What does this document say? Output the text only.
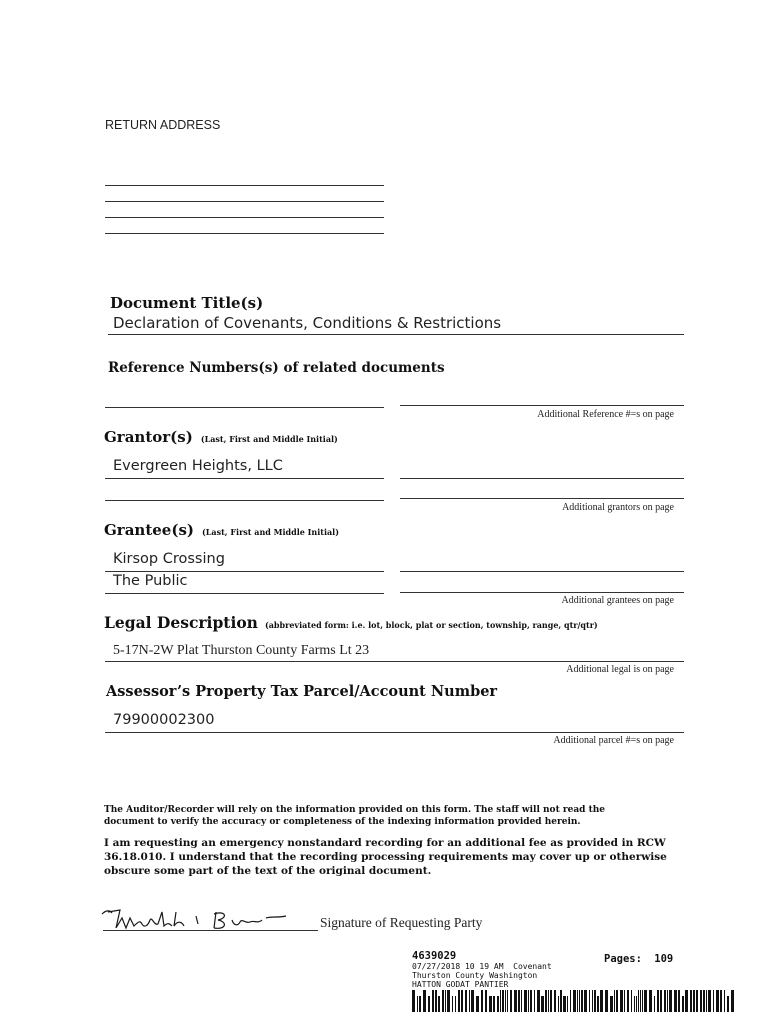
RETURN ADDRESS
Document Title(s)
Declaration of Covenants, Conditions & Restrictions
Reference Numbers(s) of related documents
Additional Reference #=s on page
Grantor(s) (Last, First and Middle Initial)
Evergreen Heights, LLC
Additional grantors on page
Grantee(s) (Last, First and Middle Initial)
Kirsop Crossing
The Public
Additional grantees on page
Legal Description (abbreviated form: i.e. lot, block, plat or section, township, range, qtr/qtr)
5-17N-2W Plat Thurston County Farms Lt 23
Additional legal is on page
Assessor’s Property Tax Parcel/Account Number
79900002300
Additional parcel #=s on page
The Auditor/Recorder will rely on the information provided on this form. The staff will not read the document to verify the accuracy or completeness of the indexing information provided herein.
I am requesting an emergency nonstandard recording for an additional fee as provided in RCW 36.18.010. I understand that the recording processing requirements may cover up or otherwise obscure some part of the text of the original document.
Signature of Requesting Party
4639029	Pages: 109
07/27/2018 10 19 AM  Covenant
Thurston County Washington
HATTON GODAT PANTIER
